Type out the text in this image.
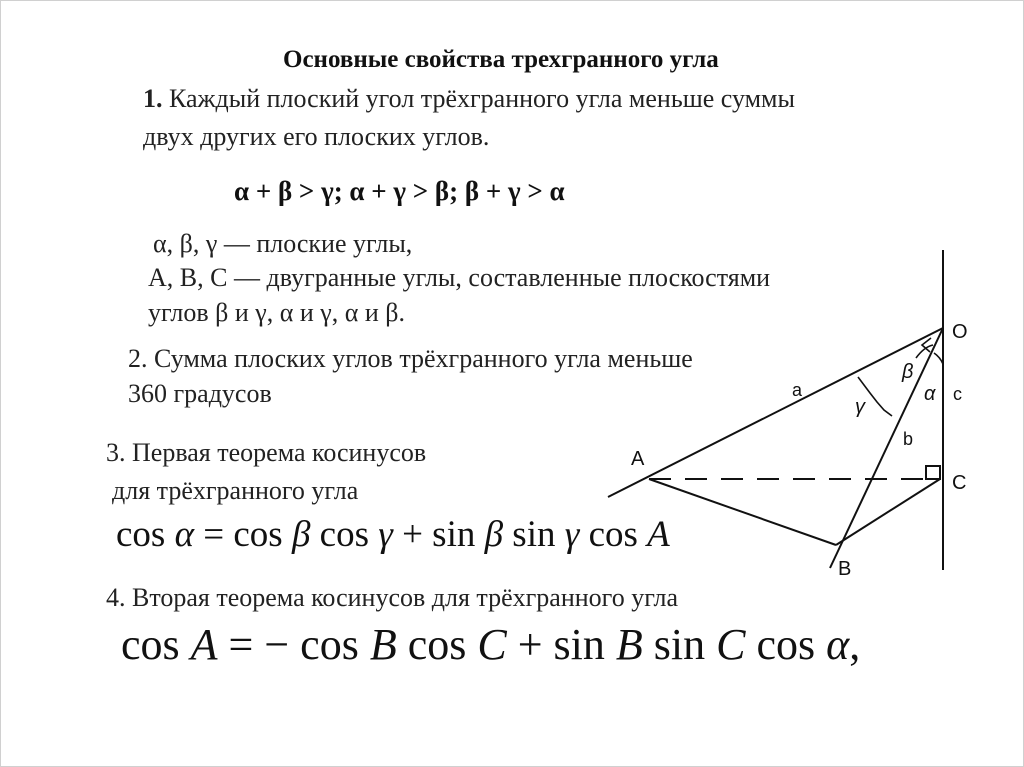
Основные свойства трехгранного угла
1. Каждый плоский угол трёхгранного угла меньше суммы
двух других его плоских углов.
α + β > γ; α + γ > β; β + γ > α
α, β, γ — плоские углы,
A, B, C — двугранные углы, составленные плоскостями
углов β и γ, α и γ, α и β.
2. Сумма плоских углов трёхгранного угла меньше
360 градусов
3. Первая теорема косинусов
для трёхгранного угла
cos α = cos β cos γ + sin β sin γ cos A
4. Вторая теорема косинусов для трёхгранного угла
cos A = − cos B cos C + sin B sin C cos α,
O
A
C
B
a
b
c
β
α
γ
